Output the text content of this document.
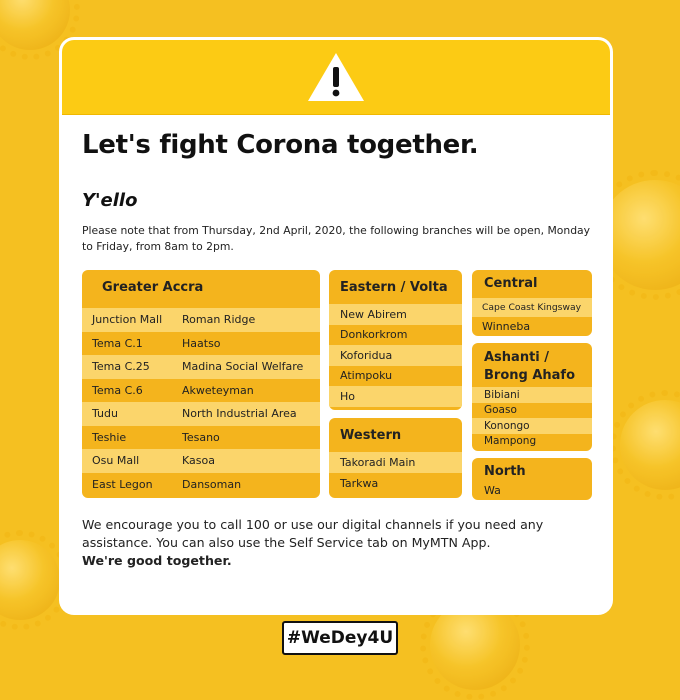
Let's fight Corona together.
Y'ello
Please note that from Thursday, 2nd April, 2020, the following branches will be open, Monday to Friday, from 8am to 2pm.
Greater Accra
Junction Mall	Roman Ridge
Tema C.1	Haatso
Tema C.25	Madina Social Welfare
Tema C.6	Akweteyman
Tudu	North Industrial Area
Teshie	Tesano
Osu Mall	Kasoa
East Legon	Dansoman
Eastern / Volta
New Abirem
Donkorkrom
Koforidua
Atimpoku
Ho
Western
Takoradi Main
Tarkwa
Central
Cape Coast Kingsway
Winneba
Ashanti /
Brong Ahafo
Bibiani
Goaso
Konongo
Mampong
North
Wa
We encourage you to call 100 or use our digital channels if you need any assistance. You can also use the Self Service tab on MyMTN App.
We're good together.
#WeDey4U
